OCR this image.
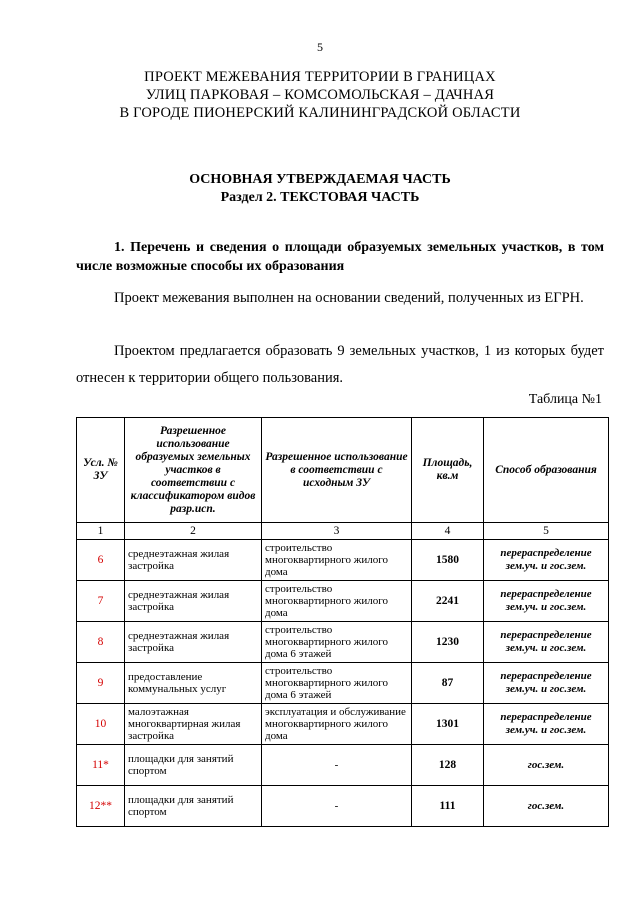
5
ПРОЕКТ МЕЖЕВАНИЯ ТЕРРИТОРИИ В ГРАНИЦАХ
УЛИЦ ПАРКОВАЯ – КОМСОМОЛЬСКАЯ – ДАЧНАЯ
В ГОРОДЕ ПИОНЕРСКИЙ КАЛИНИНГРАДСКОЙ ОБЛАСТИ
ОСНОВНАЯ УТВЕРЖДАЕМАЯ ЧАСТЬ
Раздел 2. ТЕКСТОВАЯ ЧАСТЬ
1. Перечень и сведения о площади образуемых земельных участков, в том числе возможные способы их образования
Проект межевания выполнен на основании сведений, полученных из ЕГРН.
Проектом предлагается образовать 9 земельных участков, 1 из которых будет отнесен к территории общего пользования.
Таблица №1
Усл. № ЗУ	Разрешенное использование образуемых земельных участков в соответствии с классификатором видов разр.исп.	Разрешенное использование в соответствии с исходным ЗУ	Площадь, кв.м	Способ образования
1	2	3	4	5
6	среднеэтажная жилая застройка	строительство многоквартирного жилого дома	1580	перераспределение зем.уч. и гос.зем.
7	среднеэтажная жилая застройка	строительство многоквартирного жилого дома	2241	перераспределение зем.уч. и гос.зем.
8	среднеэтажная жилая застройка	строительство многоквартирного жилого дома 6 этажей	1230	перераспределение зем.уч. и гос.зем.
9	предоставление коммунальных услуг	строительство многоквартирного жилого дома 6 этажей	87	перераспределение зем.уч. и гос.зем.
10	малоэтажная многоквартирная жилая застройка	эксплуатация и обслуживание многоквартирного жилого дома	1301	перераспределение зем.уч. и гос.зем.
11*	площадки для занятий спортом	-	128	гос.зем.
12**	площадки для занятий спортом	-	111	гос.зем.
